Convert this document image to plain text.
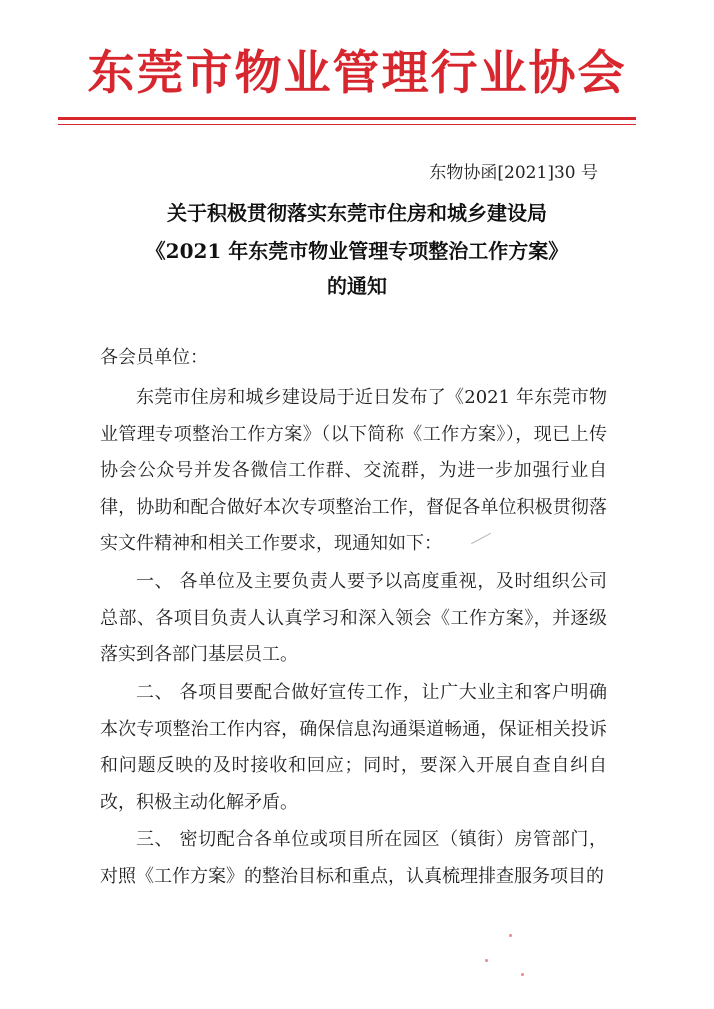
东莞市物业管理行业协会
东物协函[2021]30 号
关于积极贯彻落实东莞市住房和城乡建设局
《2021 年东莞市物业管理专项整治工作方案》
的通知
各会员单位：

东莞市住房和城乡建设局于近日发布了《2021 年东莞市物业管理专项整治工作方案》（以下简称《工作方案》），现已上传协会公众号并发各微信工作群、交流群，为进一步加强行业自律，协助和配合做好本次专项整治工作，督促各单位积极贯彻落实文件精神和相关工作要求，现通知如下：

一、 各单位及主要负责人要予以高度重视，及时组织公司总部、各项目负责人认真学习和深入领会《工作方案》，并逐级落实到各部门基层员工。

二、 各项目要配合做好宣传工作，让广大业主和客户明确本次专项整治工作内容，确保信息沟通渠道畅通，保证相关投诉和问题反映的及时接收和回应；同时，要深入开展自查自纠自改，积极主动化解矛盾。

三、 密切配合各单位或项目所在园区（镇街）房管部门，对照《工作方案》的整治目标和重点，认真梳理排查服务项目的
